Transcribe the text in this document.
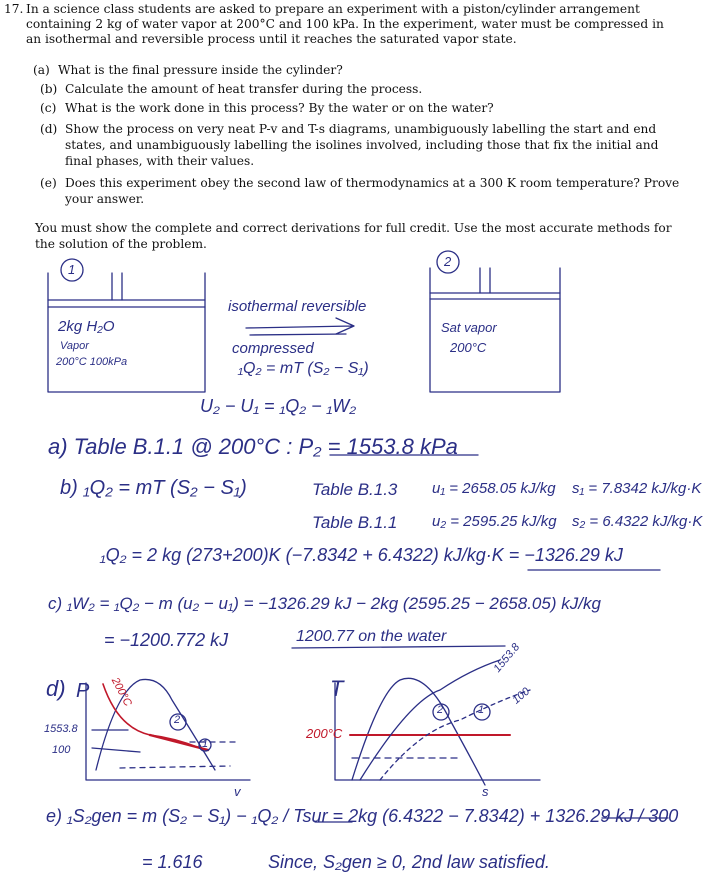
17. In a science class students are asked to prepare an experiment with a piston/cylinder arrangement
containing 2 kg of water vapor at 200°C and 100 kPa. In the experiment, water must be compressed in
an isothermal and reversible process until it reaches the saturated vapor state.
(a) What is the final pressure inside the cylinder?
(b) Calculate the amount of heat transfer during the process.
(c) What is the work done in this process? By the water or on the water?
(d) Show the process on very neat P-v and T-s diagrams, unambiguously labelling the start and end
states, and unambiguously labelling the isolines involved, including those that fix the initial and
final phases, with their values.
(e) Does this experiment obey the second law of thermodynamics at a 300 K room temperature? Prove
your answer.
You must show the complete and correct derivations for full credit. Use the most accurate methods for
the solution of the problem.
1
2kg H₂O
Vapor
200°C 100kPa
2
Sat vapor
200°C
isothermal reversible
compressed
₁Q₂ = mT (S₂ − S₁)
U₂ − U₁ = ₁Q₂ − ₁W₂
a) Table B.1.1 @ 200°C : P₂ = 1553.8 kPa
b) ₁Q₂ = mT (S₂ − S₁)	Table B.1.3 u₁ = 2658.05 kJ/kg s₁ = 7.8342 kJ/kg·K
Table B.1.1 u₂ = 2595.25 kJ/kg s₂ = 6.4322 kJ/kg·K
₁Q₂ = 2 kg (273+200)K (−7.8342 + 6.4322) kJ/kg·K = −1326.29 kJ
c) ₁W₂ = ₁Q₂ − m (u₂ − u₁) = −1326.29 kJ − 2kg (2595.25 − 2658.05) kJ/kg
= −1200.772 kJ	1200.77 on the water
d) P
1553.8
100
200°C
2
1
v
T
200°C
1553.8
100
2	1
s
e) ₁S₂gen = m (S₂ − S₁) − ₁Q₂ / Tsur = 2kg (6.4322 − 7.8342) + 1326.29 kJ / 300
= 1.616	Since, S₂gen ≥ 0, 2nd law satisfied.
